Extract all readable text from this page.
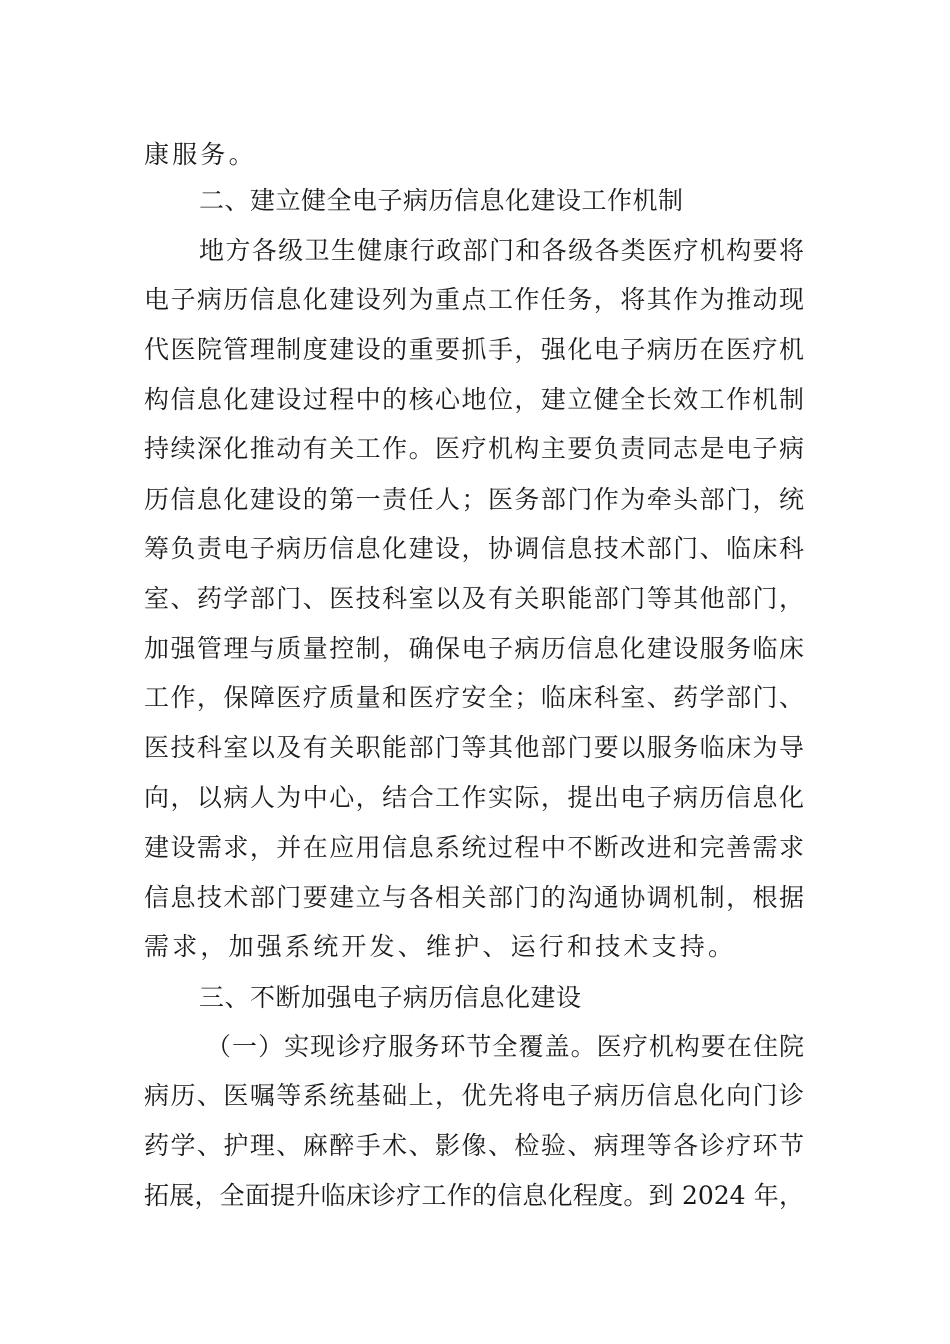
康服务。
二、建立健全电子病历信息化建设工作机制
地方各级卫生健康行政部门和各级各类医疗机构要将
电子病历信息化建设列为重点工作任务，将其作为推动现
代医院管理制度建设的重要抓手，强化电子病历在医疗机
构信息化建设过程中的核心地位，建立健全长效工作机制
持续深化推动有关工作。医疗机构主要负责同志是电子病
历信息化建设的第一责任人；医务部门作为牵头部门，统
筹负责电子病历信息化建设，协调信息技术部门、临床科
室、药学部门、医技科室以及有关职能部门等其他部门，
加强管理与质量控制，确保电子病历信息化建设服务临床
工作，保障医疗质量和医疗安全；临床科室、药学部门、
医技科室以及有关职能部门等其他部门要以服务临床为导
向，以病人为中心，结合工作实际，提出电子病历信息化
建设需求，并在应用信息系统过程中不断改进和完善需求
信息技术部门要建立与各相关部门的沟通协调机制，根据
需求，加强系统开发、维护、运行和技术支持。
三、不断加强电子病历信息化建设
（一）实现诊疗服务环节全覆盖。医疗机构要在住院
病历、医嘱等系统基础上，优先将电子病历信息化向门诊
药学、护理、麻醉手术、影像、检验、病理等各诊疗环节
拓展，全面提升临床诊疗工作的信息化程度。到 2024 年，
